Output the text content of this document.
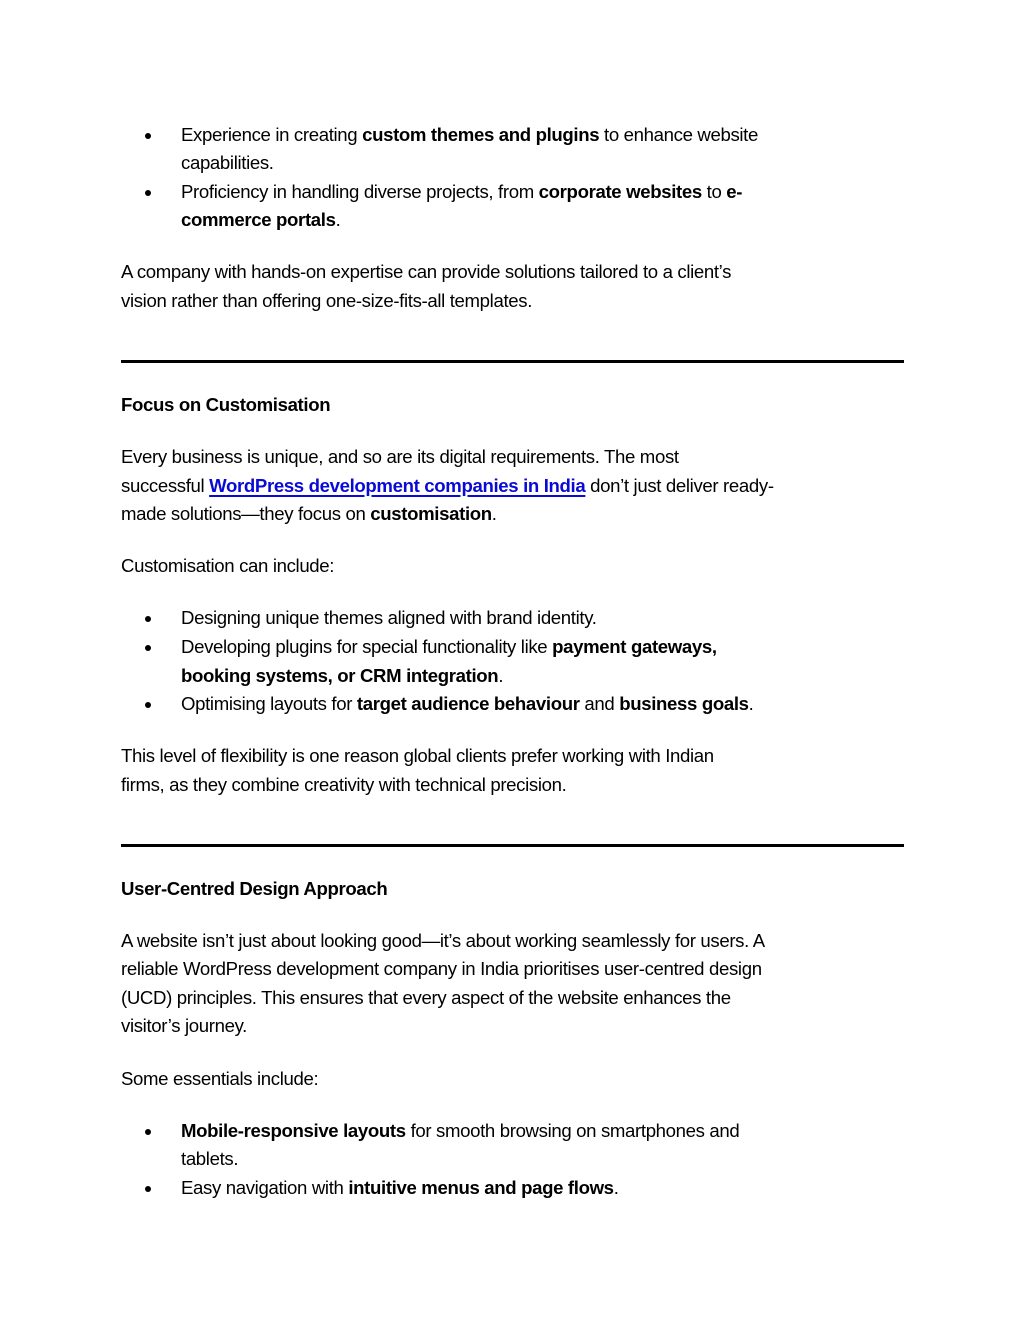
Experience in creating custom themes and plugins to enhance website
capabilities.
Proficiency in handling diverse projects, from corporate websites to e-
commerce portals.
A company with hands-on expertise can provide solutions tailored to a client’s
vision rather than offering one-size-fits-all templates.
Focus on Customisation
Every business is unique, and so are its digital requirements. The most
successful WordPress development companies in India don’t just deliver ready-
made solutions—they focus on customisation.
Customisation can include:
Designing unique themes aligned with brand identity.
Developing plugins for special functionality like payment gateways,
booking systems, or CRM integration.
Optimising layouts for target audience behaviour and business goals.
This level of flexibility is one reason global clients prefer working with Indian
firms, as they combine creativity with technical precision.
User-Centred Design Approach
A website isn’t just about looking good—it’s about working seamlessly for users. A
reliable WordPress development company in India prioritises user-centred design
(UCD) principles. This ensures that every aspect of the website enhances the
visitor’s journey.
Some essentials include:
Mobile-responsive layouts for smooth browsing on smartphones and
tablets.
Easy navigation with intuitive menus and page flows.
